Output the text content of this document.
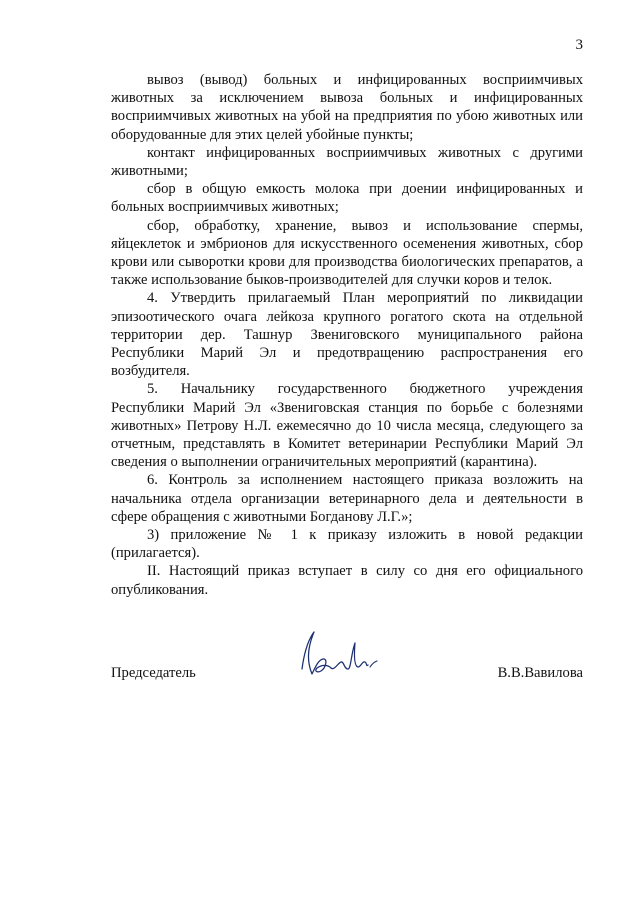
3

вывоз (вывод) больных и инфицированных восприимчивых животных за исключением вывоза больных и инфицированных восприимчивых животных на убой на предприятия по убою животных или оборудованные для этих целей убойные пункты;

контакт инфицированных восприимчивых животных с другими животными;

сбор в общую емкость молока при доении инфицированных и больных восприимчивых животных;

сбор, обработку, хранение, вывоз и использование спермы, яйцеклеток и эмбрионов для искусственного осеменения животных, сбор крови или сыворотки крови для производства биологических препаратов, а также использование быков-производителей для случки коров и телок.

4. Утвердить прилагаемый План мероприятий по ликвидации эпизоотического очага лейкоза крупного рогатого скота на отдельной территории дер. Ташнур Звениговского муниципального района Республики Марий Эл и предотвращению распространения его возбудителя.

5. Начальнику государственного бюджетного учреждения Республики Марий Эл «Звениговская станция по борьбе с болезнями животных» Петрову Н.Л. ежемесячно до 10 числа месяца, следующего за отчетным, представлять в Комитет ветеринарии Республики Марий Эл сведения о выполнении ограничительных мероприятий (карантина).

6. Контроль за исполнением настоящего приказа возложить на начальника отдела организации ветеринарного дела и деятельности в сфере обращения с животными Богданову Л.Г.»;

3) приложение № 1 к приказу изложить в новой редакции (прилагается).

II. Настоящий приказ вступает в силу со дня его официального опубликования.

Председатель	В.В.Вавилова
